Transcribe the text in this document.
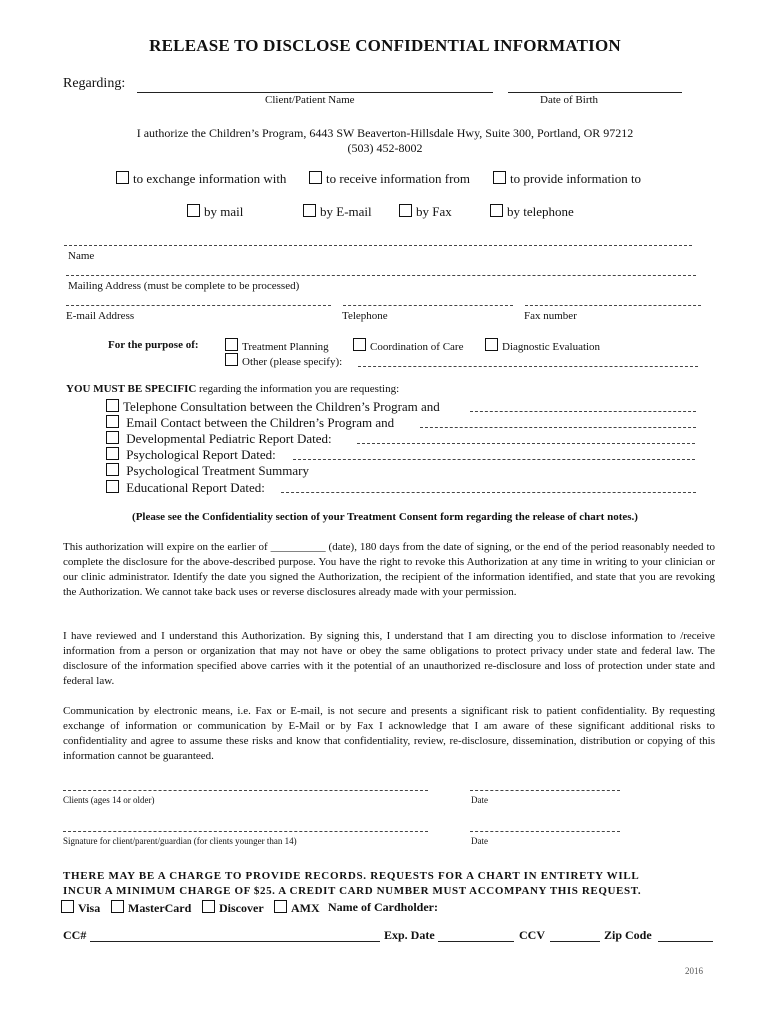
RELEASE TO DISCLOSE CONFIDENTIAL INFORMATION
Regarding:
Client/Patient Name	Date of Birth
I authorize the Children’s Program, 6443 SW Beaverton-Hillsdale Hwy, Suite 300, Portland, OR 97212
(503) 452-8002
to exchange information with	to receive information from	to provide information to
by mail	by E-mail	by Fax	by telephone
Name
Mailing Address (must be complete to be processed)
E-mail Address	Telephone	Fax number
For the purpose of:	Treatment Planning	Coordination of Care	Diagnostic Evaluation
Other (please specify):
YOU MUST BE SPECIFIC regarding the information you are requesting:
Telephone Consultation between the Children’s Program and
Email Contact between the Children’s Program and
Developmental Pediatric Report Dated:
Psychological Report Dated:
Psychological Treatment Summary
Educational Report Dated:
(Please see the Confidentiality section of your Treatment Consent form regarding the release of chart notes.)
This authorization will expire on the earlier of __________ (date), 180 days from the date of signing, or the end of the period reasonably needed to complete the disclosure for the above-described purpose. You have the right to revoke this Authorization at any time in writing to your clinician or our clinic administrator. Identify the date you signed the Authorization, the recipient of the information identified, and state that you are revoking the Authorization. We cannot take back uses or reverse disclosures already made with your permission.
I have reviewed and I understand this Authorization. By signing this, I understand that I am directing you to disclose information to /receive information from a person or organization that may not have or obey the same obligations to protect privacy under state and federal law. The disclosure of the information specified above carries with it the potential of an unauthorized re-disclosure and loss of protection under state and federal law.
Communication by electronic means, i.e. Fax or E-mail, is not secure and presents a significant risk to patient confidentiality. By requesting exchange of information or communication by E-Mail or by Fax I acknowledge that I am aware of these significant additional risks to confidentiality and agree to assume these risks and know that confidentiality, review, re-disclosure, dissemination, distribution or copying of this information cannot be guaranteed.
Clients (ages 14 or older)	Date
Signature for client/parent/guardian (for clients younger than 14)	Date
THERE MAY BE A CHARGE TO PROVIDE RECORDS. REQUESTS FOR A CHART IN ENTIRETY WILL
INCUR A MINIMUM CHARGE OF $25. A CREDIT CARD NUMBER MUST ACCOMPANY THIS REQUEST.
Visa	MasterCard	Discover	AMX Name of Cardholder:
CC#	Exp. Date	CCV	Zip Code
2016
